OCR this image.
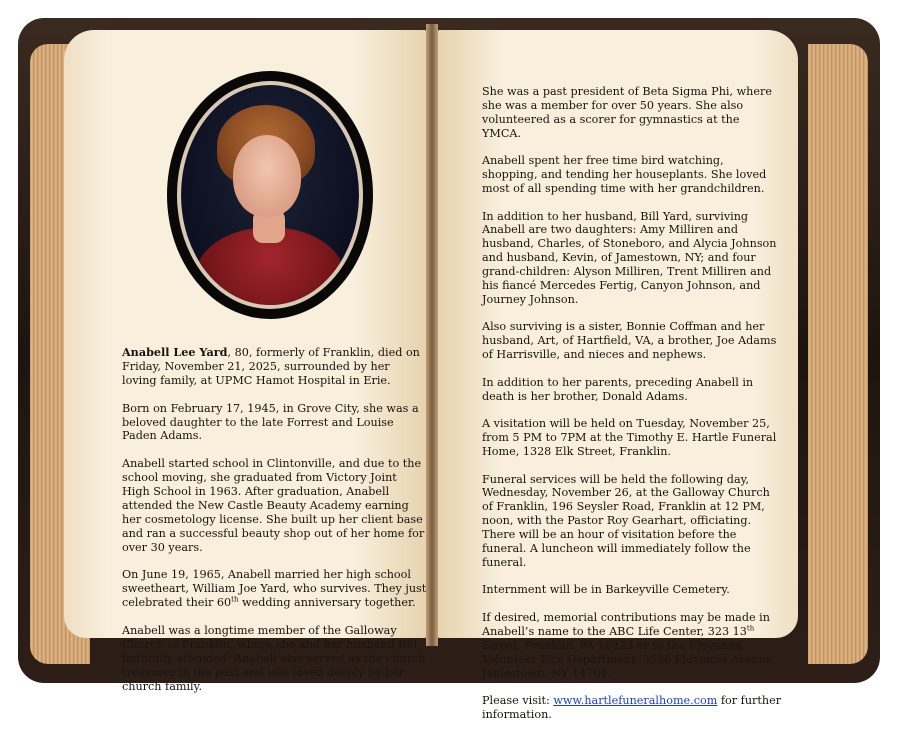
Anabell Lee Yard, 80, formerly of Franklin, died on Friday, November 21, 2025, surrounded by her loving family, at UPMC Hamot Hospital in Erie.

Born on February 17, 1945, in Grove City, she was a beloved daughter to the late Forrest and Louise Paden Adams.

Anabell started school in Clintonville, and due to the school moving, she graduated from Victory Joint High School in 1963. After graduation, Anabell attended the New Castle Beauty Academy earning her cosmetology license. She built up her client base and ran a successful beauty shop out of her home for over 30 years.

On June 19, 1965, Anabell married her high school sweetheart, William Joe Yard, who survives. They just celebrated their 60th wedding anniversary together.

Anabell was a longtime member of the Galloway Church of Franklin, where she and her husband Bill faithfully attended. Anabell also served as the church treasurer in the past and was loved deeply by her church family.

She was a past president of Beta Sigma Phi, where she was a member for over 50 years. She also volunteered as a scorer for gymnastics at the YMCA.

Anabell spent her free time bird watching, shopping, and tending her houseplants. She loved most of all spending time with her grandchildren.

In addition to her husband, Bill Yard, surviving Anabell are two daughters: Amy Milliren and husband, Charles, of Stoneboro, and Alycia Johnson and husband, Kevin, of Jamestown, NY; and four grand-children: Alyson Milliren, Trent Milliren and his fiancé Mercedes Fertig, Canyon Johnson, and Journey Johnson.

Also surviving is a sister, Bonnie Coffman and her husband, Art, of Hartfield, VA, a brother, Joe Adams of Harrisville, and nieces and nephews.

In addition to her parents, preceding Anabell in death is her brother, Donald Adams.

A visitation will be held on Tuesday, November 25, from 5 PM to 7PM at the Timothy E. Hartle Funeral Home, 1328 Elk Street, Franklin.

Funeral services will be held the following day, Wednesday, November 26, at the Galloway Church of Franklin, 196 Seysler Road, Franklin at 12 PM, noon, with the Pastor Roy Gearhart, officiating. There will be an hour of visitation before the funeral. A luncheon will immediately follow the funeral.

Internment will be in Barkeyville Cemetery.

If desired, memorial contributions may be made in Anabell’s name to the ABC Life Center, 323 13th Street, Franklin, PA 16323 or to the Fluvanna Volunteer Fire Department, 3536 Fluvanna Avenue, Jamestown, NY 14701.

Please visit: www.hartlefuneralhome.com for further information.
